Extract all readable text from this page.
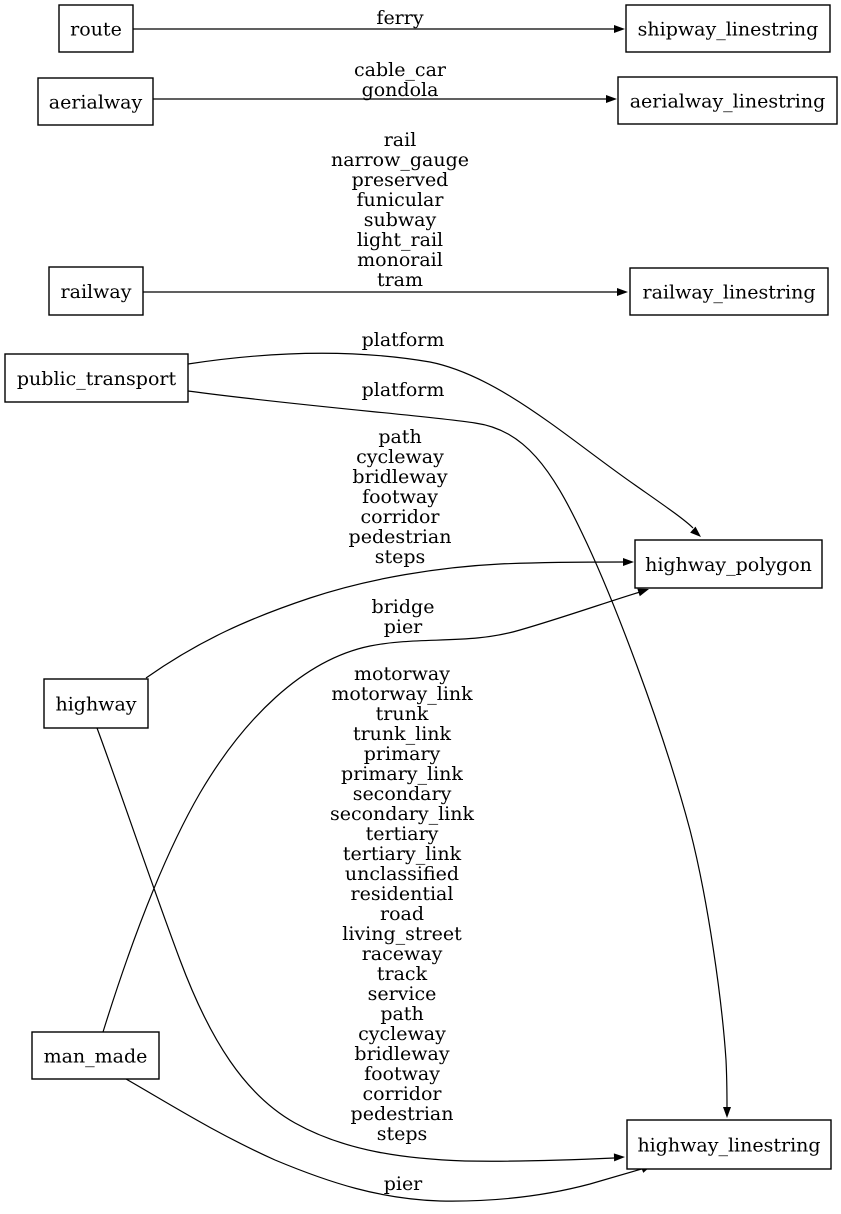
ferry
cable_car
gondola
rail
narrow_gauge
preserved
funicular
subway
light_rail
monorail
tram
platform
platform
path
cycleway
bridleway
footway
corridor
pedestrian
steps
motorway
motorway_link
trunk
trunk_link
primary
primary_link
secondary
secondary_link
tertiary
tertiary_link
unclassified
residential
road
living_street
raceway
track
service
path
cycleway
bridleway
footway
corridor
pedestrian
steps
bridge
pier
pier
route	shipway_linestring
aerialway	aerialway_linestring
railway	railway_linestring
public_transport
highway_polygon
highway
man_made
highway_linestring
